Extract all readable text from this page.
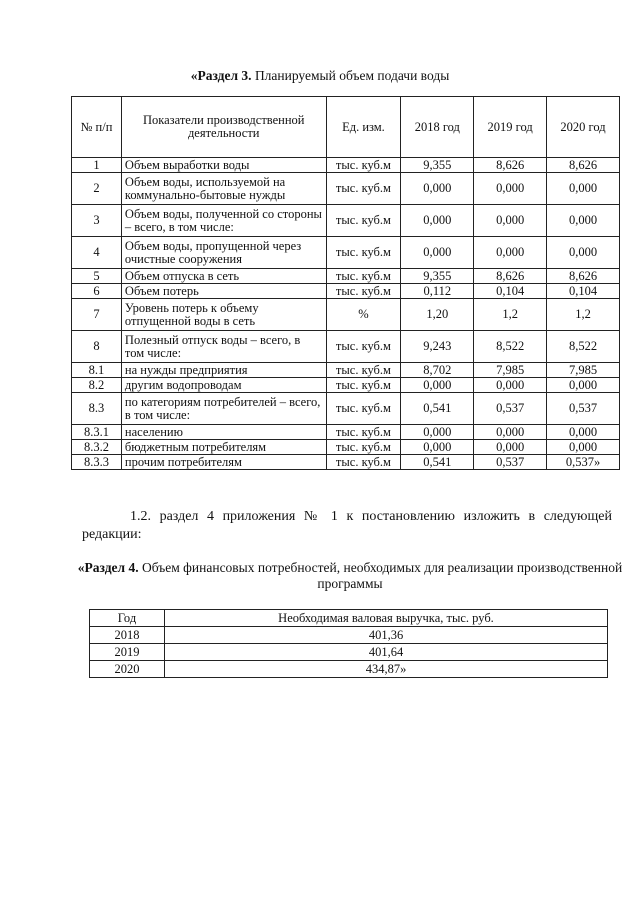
«Раздел 3. Планируемый объем подачи воды
№ п/п	Показатели производственной деятельности	Ед. изм.	2018 год	2019 год	2020 год
1	Объем выработки воды	тыс. куб.м	9,355	8,626	8,626
2	Объем воды, используемой на коммунально-бытовые нужды	тыс. куб.м	0,000	0,000	0,000
3	Объем воды, полученной со стороны – всего, в том числе:	тыс. куб.м	0,000	0,000	0,000
4	Объем воды, пропущенной через очистные сооружения	тыс. куб.м	0,000	0,000	0,000
5	Объем отпуска в сеть	тыс. куб.м	9,355	8,626	8,626
6	Объем потерь	тыс. куб.м	0,112	0,104	0,104
7	Уровень потерь к объему отпущенной воды в сеть	%	1,20	1,2	1,2
8	Полезный отпуск воды – всего, в том числе:	тыс. куб.м	9,243	8,522	8,522
8.1	на нужды предприятия	тыс. куб.м	8,702	7,985	7,985
8.2	другим водопроводам	тыс. куб.м	0,000	0,000	0,000
8.3	по категориям потребителей – всего, в том числе:	тыс. куб.м	0,541	0,537	0,537
8.3.1	населению	тыс. куб.м	0,000	0,000	0,000
8.3.2	бюджетным потребителям	тыс. куб.м	0,000	0,000	0,000
8.3.3	прочим потребителям	тыс. куб.м	0,541	0,537	0,537»
1.2. раздел 4 приложения № 1 к постановлению изложить в следующей редакции:
«Раздел 4. Объем финансовых потребностей, необходимых для реализации производственной программы
Год	Необходимая валовая выручка, тыс. руб.
2018	401,36
2019	401,64
2020	434,87»
